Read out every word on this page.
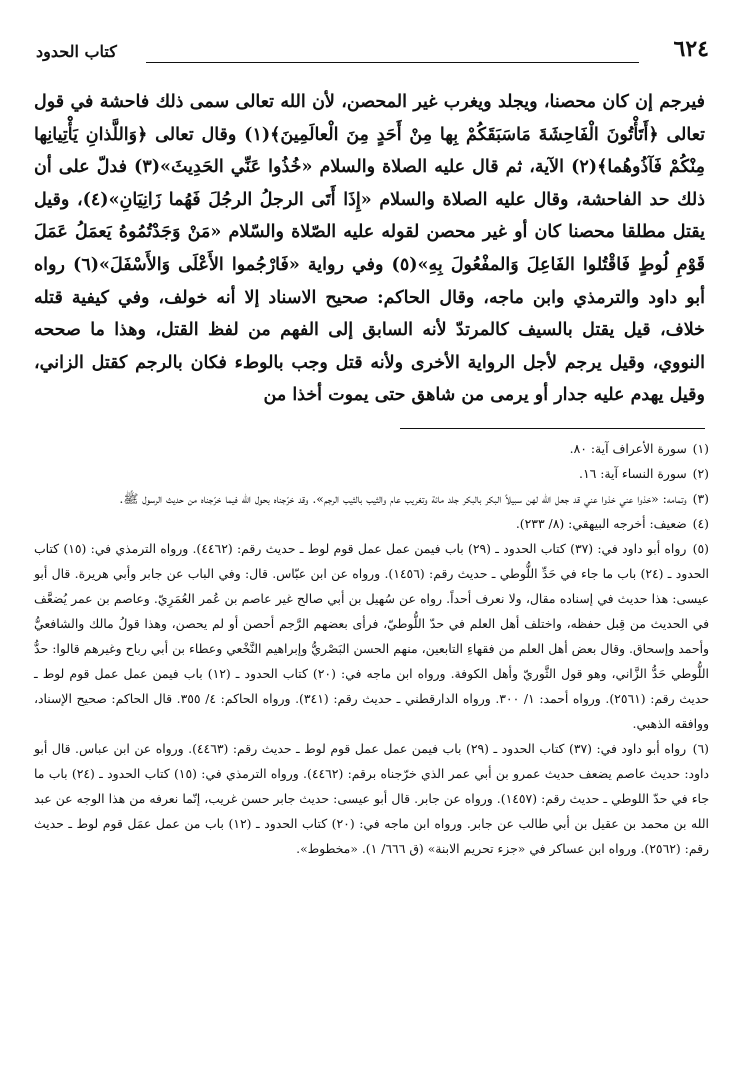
٦٢٤
كتاب الحدود
فيرجم إن كان محصنا، ويجلد ويغرب غير المحصن، لأن الله تعالى سمى ذلك فاحشة في قول تعالى ﴿أَتَأْتُونَ الْفَاحِشَةَ مَاسَبَقَكُمْ بِها مِنْ أَحَدٍ مِنَ الْعالَمِينَ﴾(١) وقال تعالى ﴿وَاللَّذانِ يَأْتِيانِها مِنْكُمْ فَآذُوهُما﴾(٢) الآية، ثم قال عليه الصلاة والسلام «خُذُوا عَنِّي الحَدِيثَ»(٣) فدلّ على أن ذلك حد الفاحشة، وقال عليه الصلاة والسلام «إِذَا أَتَى الرجلُ الرجُلَ فَهُما زَانِيَانِ»(٤)، وقيل يقتل مطلقا محصنا كان أو غير محصن لقوله عليه الصّلاة والسّلام «مَنْ وَجَدْتُمُوهُ يَعمَلُ عَمَلَ قَوْمِ لُوطٍ فَاقْتُلوا الفَاعِلَ وَالمفْعُولَ بِهِ»(٥) وفي رواية «فَارْجُموا الأَعْلَى وَالأَسْفَلَ»(٦) رواه أبو داود والترمذي وابن ماجه، وقال الحاكم: صحيح الاسناد إلا أنه خولف، وفي كيفية قتله خلاف، قيل يقتل بالسيف كالمرتدّ لأنه السابق إلى الفهم من لفظ القتل، وهذا ما صححه النووي، وقيل يرجم لأجل الرواية الأخرى ولأنه قتل وجب بالوطء فكان بالرجم كقتل الزاني، وقيل يهدم عليه جدار أو يرمى من شاهق حتى يموت أخذا من

(١) سورة الأعراف آية: ٨٠.

(٢) سورة النساء آية: ١٦.

(٣) وتمامه: «خذوا عني خذوا عني قد جعل الله لهن سبيلاً البكر بالبكر جلد مائة وتغريب عام والثيب بالثيب الرجم». وقد خرّجناه بحول الله فيما خرّجناه من حديث الرسول ﷺ.

(٤) ضعيف: أخرجه البيهقي: (٨/ ٢٣٣).

(٥) رواه أبو داود في: (٣٧) كتاب الحدود ـ (٢٩) باب فيمن عمل عمل قوم لوط ـ حديث رقم: (٤٤٦٢). ورواه الترمذي في: (١٥) كتاب الحدود ـ (٢٤) باب ما جاء في حَدِّ اللُّوطي ـ حديث رقم: (١٤٥٦). ورواه عن ابن عبّاس. قال: وفي الباب عن جابر وأبي هريرة. قال أبو عيسى: هذا حديث في إسناده مقال، ولا نعرف أحداً. رواه عن سُهيل بن أبي صالح غير عاصم بن عُمر العُمَرِيّ. وعاصم بن عمر يُضعَّف في الحديث من قِبل حفظه، واختلف أهل العلم في حدّ اللُّوطيّ، فرأى بعضهم الرَّجم أحصن أو لم يحصن، وهذا قولُ مالك والشافعيُّ وأحمد وإسحاق. وقال بعض أهل العلم من فقهاءِ التابعين، منهم الحسن البَصْريُّ وإبراهيم النَّخْعي وعطاء بن أبي رباح وغيرهم قالوا: حدُّ اللُّوطي حَدُّ الزَّاني، وهو قول الثَّوريّ وأهل الكوفة. ورواه ابن ماجه في: (٢٠) كتاب الحدود ـ (١٢) باب فيمن عمل عمل قوم لوط ـ حديث رقم: (٢٥٦١). ورواه أحمد: ١/ ٣٠٠. ورواه الدارقطني ـ حديث رقم: (٣٤١). ورواه الحاكم: ٤/ ٣٥٥. قال الحاكم: صحيح الإسناد، ووافقه الذهبي.

(٦) رواه أبو داود في: (٣٧) كتاب الحدود ـ (٢٩) باب فيمن عمل عمل قوم لوط ـ حديث رقم: (٤٤٦٣). ورواه عن ابن عباس. قال أبو داود: حديث عاصم يضعف حديث عمرو بن أبي عمر الذي خرّجناه برقم: (٤٤٦٢). ورواه الترمذي في: (١٥) كتاب الحدود ـ (٢٤) باب ما جاء في حدّ اللوطي ـ حديث رقم: (١٤٥٧). ورواه عن جابر. قال أبو عيسى: حديث جابر حسن غريب، إنّما نعرفه من هذا الوجه عن عبد الله بن محمد بن عقيل بن أبي طالب عن جابر. ورواه ابن ماجه في: (٢٠) كتاب الحدود ـ (١٢) باب من عمل عمَل قوم لوط ـ حديث رقم: (٢٥٦٢). ورواه ابن عساكر في «جزء تحريم الابنة» (ق ٦٦٦/ ١). «مخطوط».
